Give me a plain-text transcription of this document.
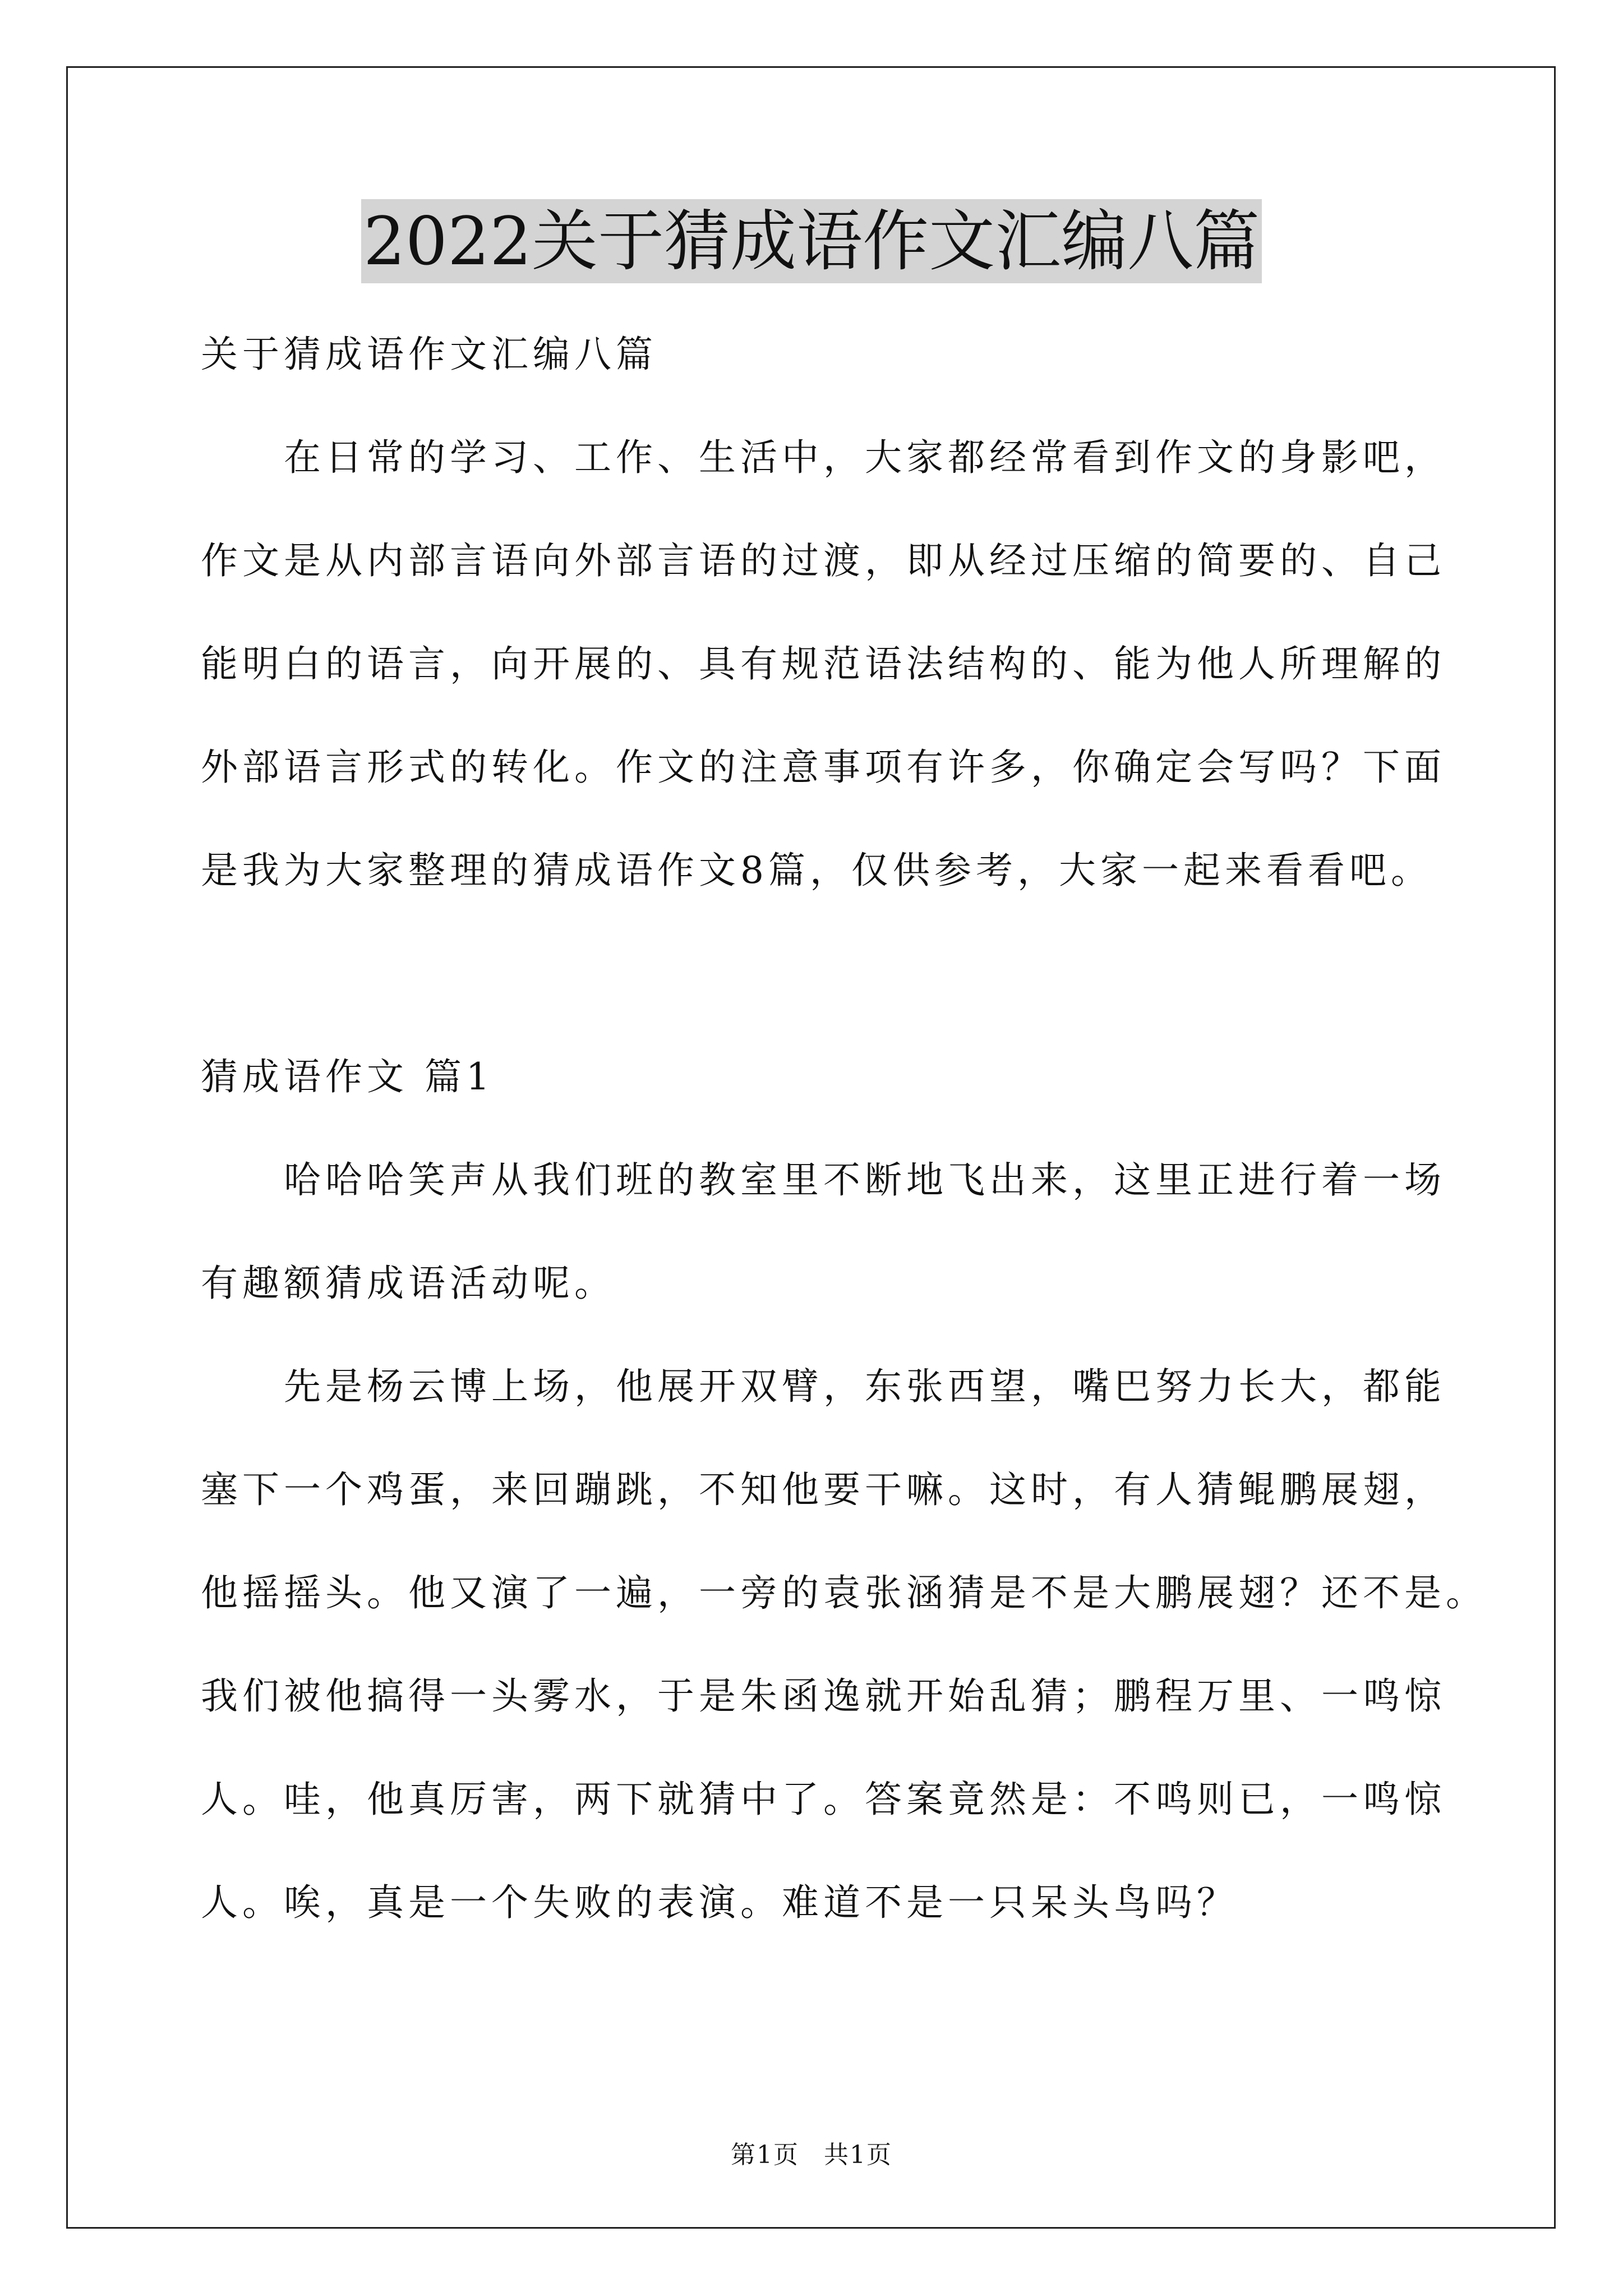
2022关于猜成语作文汇编八篇
关于猜成语作文汇编八篇
在日常的学习、工作、生活中，大家都经常看到作文的身影吧，
作文是从内部言语向外部言语的过渡，即从经过压缩的简要的、自己
能明白的语言，向开展的、具有规范语法结构的、能为他人所理解的
外部语言形式的转化。作文的注意事项有许多，你确定会写吗？下面
是我为大家整理的猜成语作文8篇，仅供参考，大家一起来看看吧。
猜成语作文 篇1
哈哈哈笑声从我们班的教室里不断地飞出来，这里正进行着一场
有趣额猜成语活动呢。
先是杨云博上场，他展开双臂，东张西望，嘴巴努力长大，都能
塞下一个鸡蛋，来回蹦跳，不知他要干嘛。这时，有人猜鲲鹏展翅，
他摇摇头。他又演了一遍，一旁的袁张涵猜是不是大鹏展翅？还不是。
我们被他搞得一头雾水，于是朱函逸就开始乱猜；鹏程万里、一鸣惊
人。哇，他真厉害，两下就猜中了。答案竟然是：不鸣则已，一鸣惊
人。唉，真是一个失败的表演。难道不是一只呆头鸟吗？
第1页 共1页
